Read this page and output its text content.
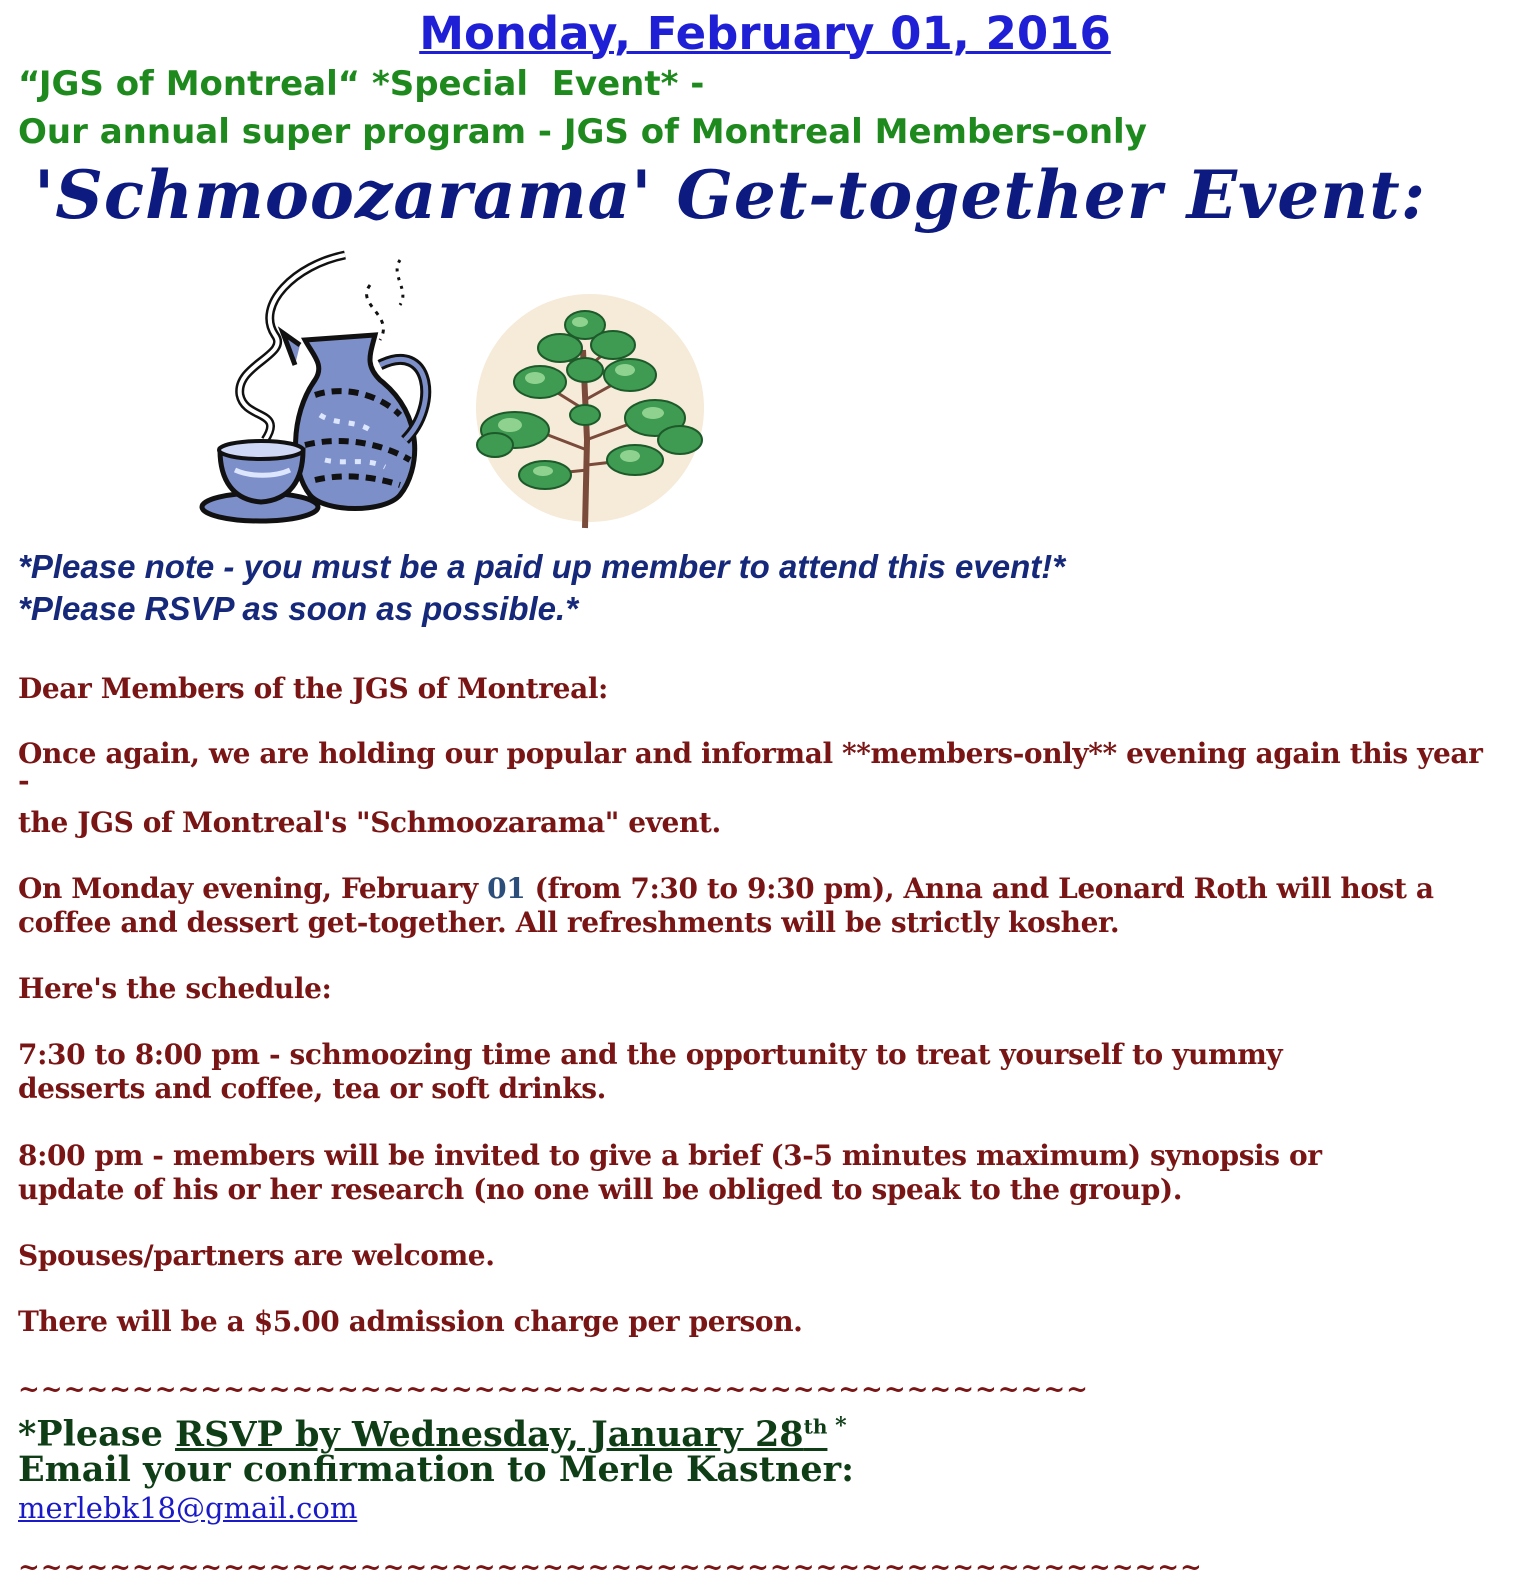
Monday, February 01, 2016

“JGS of Montreal“ *Special  Event* -

Our annual super program - JGS of Montreal Members-only

'Schmoozarama' Get-together Event:

*Please note - you must be a paid up member to attend this event!*

*Please RSVP as soon as possible.*

Dear Members of the JGS of Montreal:

Once again, we are holding our popular and informal **members-only** evening again this year

-

the JGS of Montreal's "Schmoozarama" event.

On Monday evening, February 01 (from 7:30 to 9:30 pm), Anna and Leonard Roth will host a

coffee and dessert get-together. All refreshments will be strictly kosher.

Here's the schedule:

7:30 to 8:00 pm - schmoozing time and the opportunity to treat yourself to yummy

desserts and coffee, tea or soft drinks.

8:00 pm - members will be invited to give a brief (3-5 minutes maximum) synopsis or

update of his or her research (no one will be obliged to speak to the group).

Spouses/partners are welcome.

There will be a $5.00 admission charge per person.

~~~~~~~~~~~~~~~~~~~~~~~~~~~~~~~~~~~~~~~~~~~~~~~

*Please RSVP by Wednesday, January 28th *

Email your confirmation to Merle Kastner:

merlebk18@gmail.com

~~~~~~~~~~~~~~~~~~~~~~~~~~~~~~~~~~~~~~~~~~~~~~~~~~~~
